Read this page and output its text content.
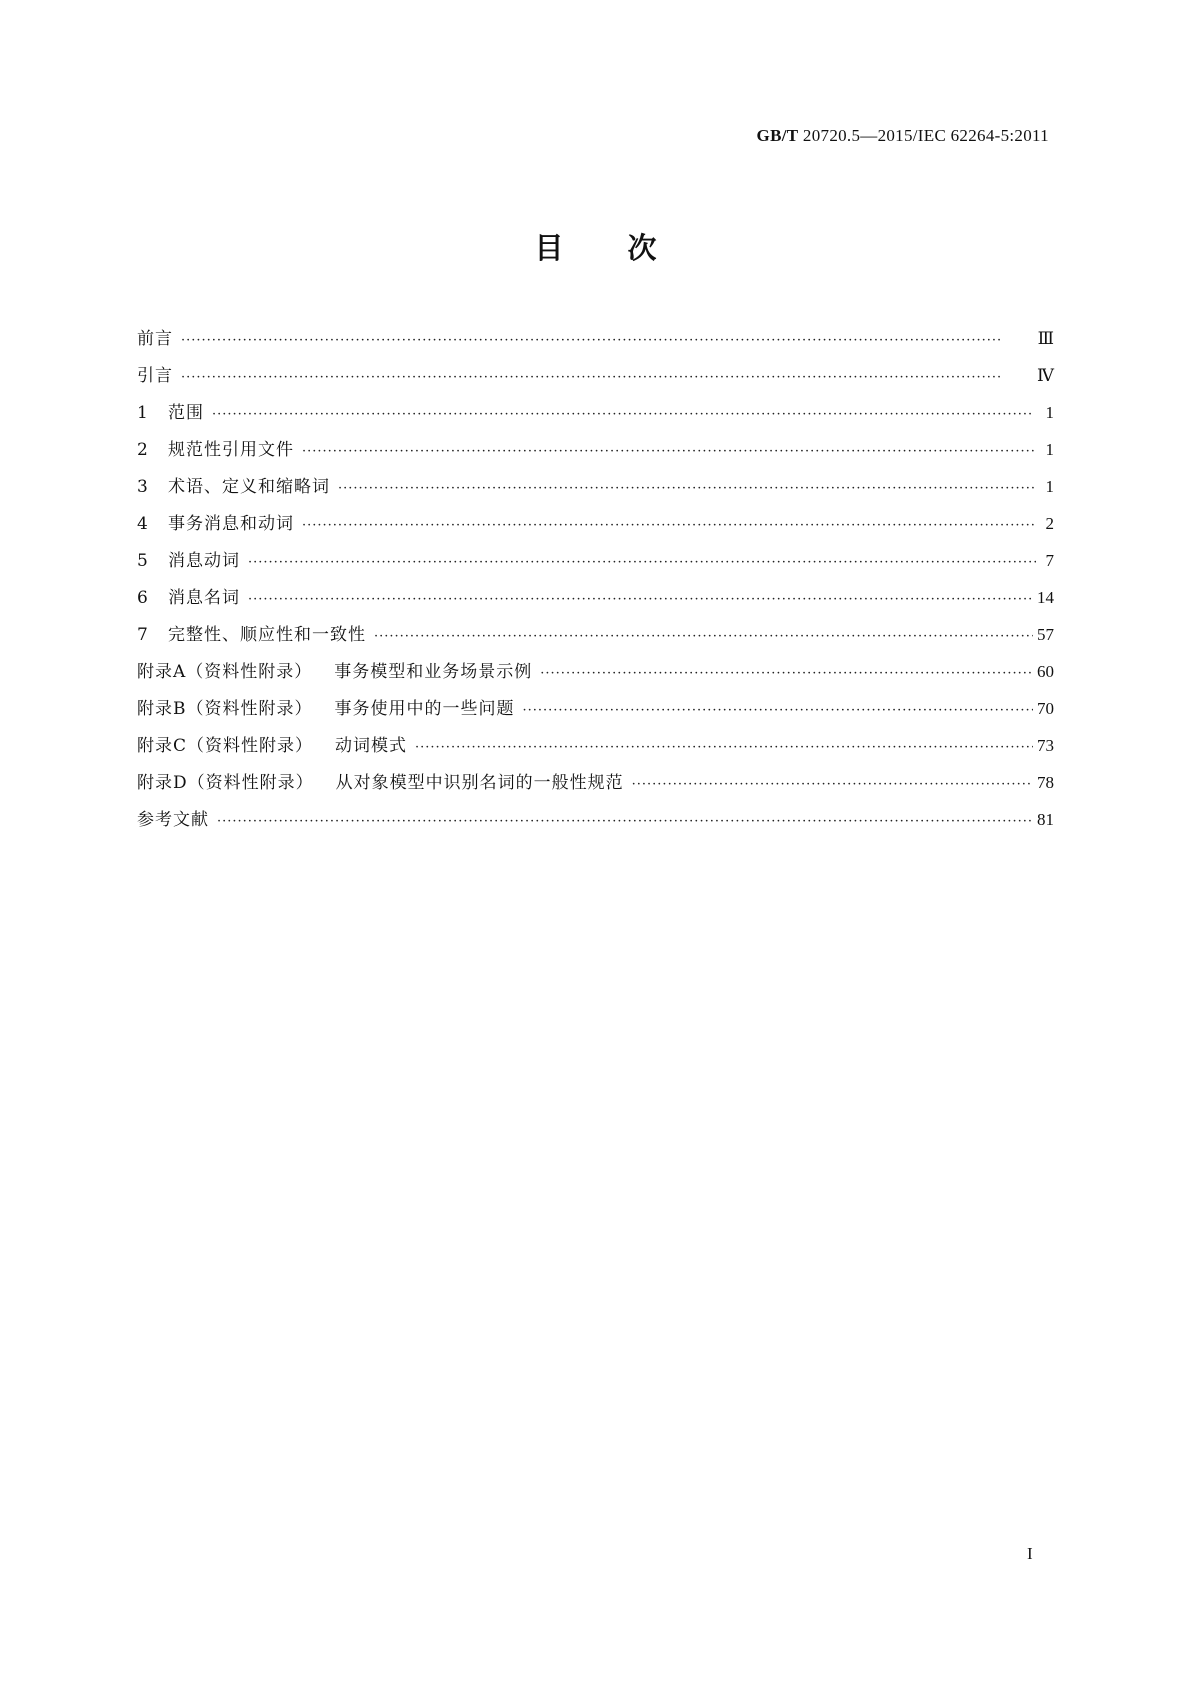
GB/T 20720.5—2015/IEC 62264-5:2011
目次
前言 ·····	Ⅲ
引言 ·····	Ⅳ
1	范围 ·····	1
2	规范性引用文件 ·····	1
3	术语、定义和缩略词 ·····	1
4	事务消息和动词 ·····	2
5	消息动词 ·····	7
6	消息名词 ·····	14
7	完整性、顺应性和一致性 ·····	57
附录A（资料性附录） 事务模型和业务场景示例 ·····	60
附录B（资料性附录） 事务使用中的一些问题 ·····	70
附录C（资料性附录） 动词模式 ·····	73
附录D（资料性附录） 从对象模型中识别名词的一般性规范 ·····	78
参考文献 ·····	81
I
